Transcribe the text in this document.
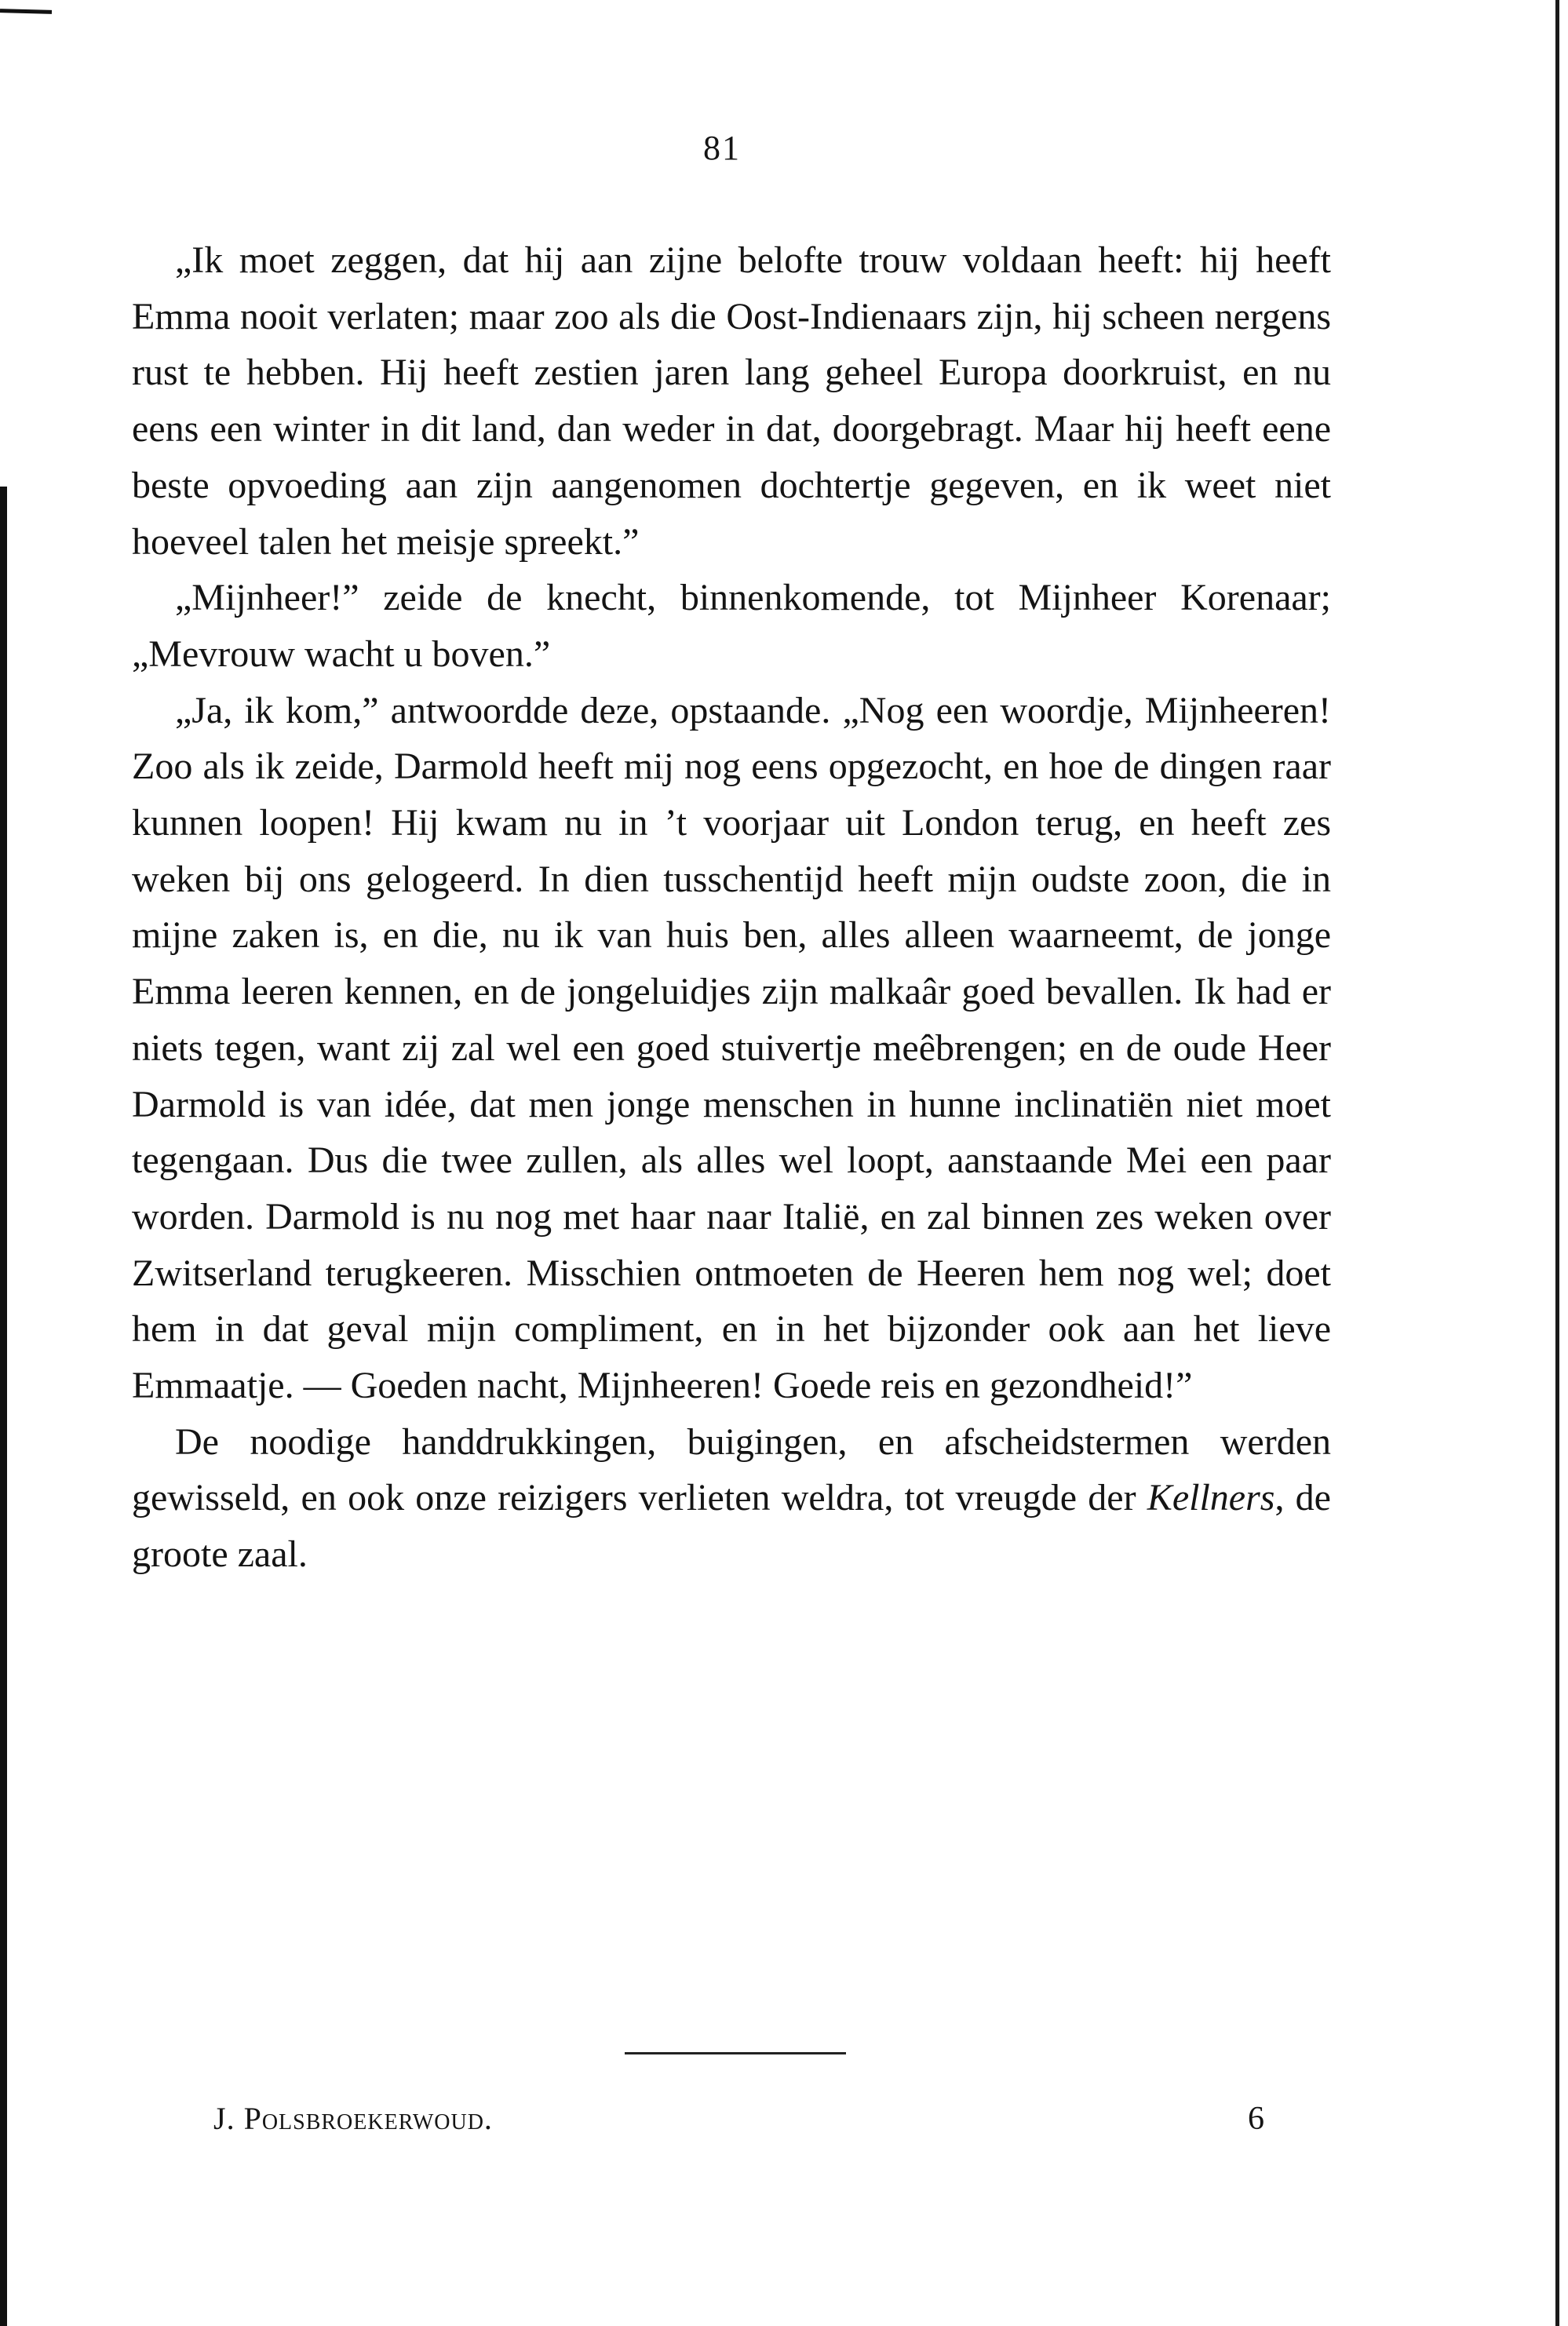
81

„Ik moet zeggen, dat hij aan zijne belofte trouw voldaan heeft: hij heeft Emma nooit verlaten; maar zoo als die Oost-Indienaars zijn, hij scheen nergens rust te hebben. Hij heeft zestien jaren lang geheel Europa doorkruist, en nu eens een winter in dit land, dan weder in dat, doorgebragt. Maar hij heeft eene beste opvoeding aan zijn aangenomen dochtertje gegeven, en ik weet niet hoeveel talen het meisje spreekt.”

„Mijnheer!” zeide de knecht, binnenkomende, tot Mijnheer Korenaar; „Mevrouw wacht u boven.”

„Ja, ik kom,” antwoordde deze, opstaande. „Nog een woordje, Mijnheeren! Zoo als ik zeide, Darmold heeft mij nog eens opgezocht, en hoe de dingen raar kunnen loopen! Hij kwam nu in ’t voorjaar uit London terug, en heeft zes weken bij ons gelogeerd. In dien tusschentijd heeft mijn oudste zoon, die in mijne zaken is, en die, nu ik van huis ben, alles alleen waarneemt, de jonge Emma leeren kennen, en de jongeluidjes zijn malkaâr goed bevallen. Ik had er niets tegen, want zij zal wel een goed stuivertje meêbrengen; en de oude Heer Darmold is van idée, dat men jonge menschen in hunne inclinatiën niet moet tegengaan. Dus die twee zullen, als alles wel loopt, aanstaande Mei een paar worden. Darmold is nu nog met haar naar Italië, en zal binnen zes weken over Zwitserland terugkeeren. Misschien ontmoeten de Heeren hem nog wel; doet hem in dat geval mijn compliment, en in het bijzonder ook aan het lieve Emmaatje. — Goeden nacht, Mijnheeren! Goede reis en gezondheid!”

De noodige handdrukkingen, buigingen, en afscheidstermen werden gewisseld, en ook onze reizigers verlieten weldra, tot vreugde der Kellners, de groote zaal.

J. Polsbroekerwoud.	6
